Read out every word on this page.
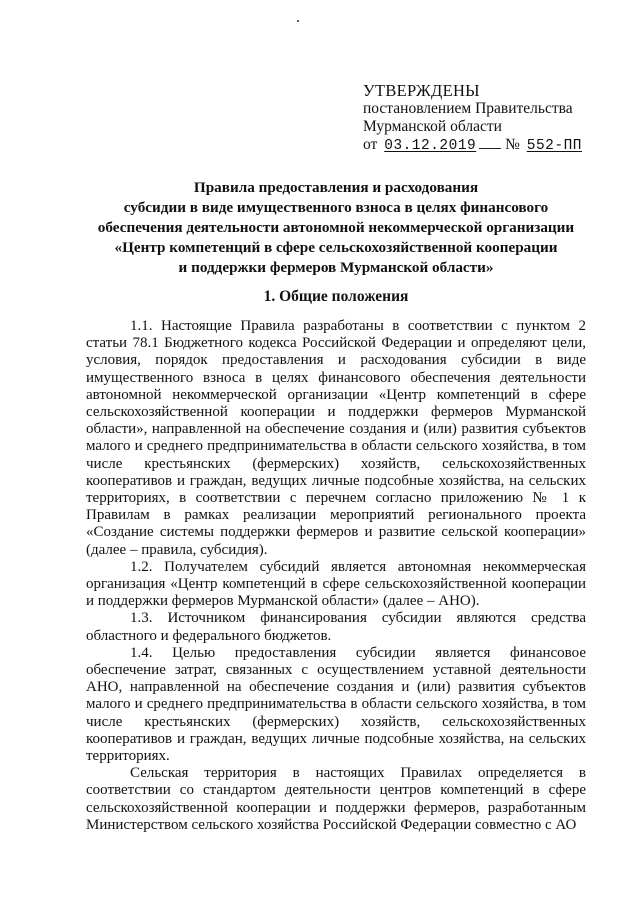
УТВЕРЖДЕНЫ
постановлением Правительства
Мурманской области
от 03.12.2019 № 552-ПП
Правила предоставления и расходования
субсидии в виде имущественного взноса в целях финансового
обеспечения деятельности автономной некоммерческой организации
«Центр компетенций в сфере сельскохозяйственной кооперации
и поддержки фермеров Мурманской области»
1. Общие положения

1.1. Настоящие Правила разработаны в соответствии с пунктом 2 статьи 78.1 Бюджетного кодекса Российской Федерации и определяют цели, условия, порядок предоставления и расходования субсидии в виде имущественного взноса в целях финансового обеспечения деятельности автономной некоммерческой организации «Центр компетенций в сфере сельскохозяйственной кооперации и поддержки фермеров Мурманской области», направленной на обеспечение создания и (или) развития субъектов малого и среднего предпринимательства в области сельского хозяйства, в том числе крестьянских (фермерских) хозяйств, сельскохозяйственных кооперативов и граждан, ведущих личные подсобные хозяйства, на сельских территориях, в соответствии с перечнем согласно приложению № 1 к Правилам в рамках реализации мероприятий регионального проекта «Создание системы поддержки фермеров и развитие сельской кооперации» (далее – правила, субсидия).

1.2. Получателем субсидий является автономная некоммерческая организация «Центр компетенций в сфере сельскохозяйственной кооперации и поддержки фермеров Мурманской области» (далее – АНО).

1.3. Источником финансирования субсидии являются средства областного и федерального бюджетов.

1.4. Целью предоставления субсидии является финансовое обеспечение затрат, связанных с осуществлением уставной деятельности АНО, направленной на обеспечение создания и (или) развития субъектов малого и среднего предпринимательства в области сельского хозяйства, в том числе крестьянских (фермерских) хозяйств, сельскохозяйственных кооперативов и граждан, ведущих личные подсобные хозяйства, на сельских территориях.

Сельская территория в настоящих Правилах определяется в соответствии со стандартом деятельности центров компетенций в сфере сельскохозяйственной кооперации и поддержки фермеров, разработанным Министерством сельского хозяйства Российской Федерации совместно с АО
